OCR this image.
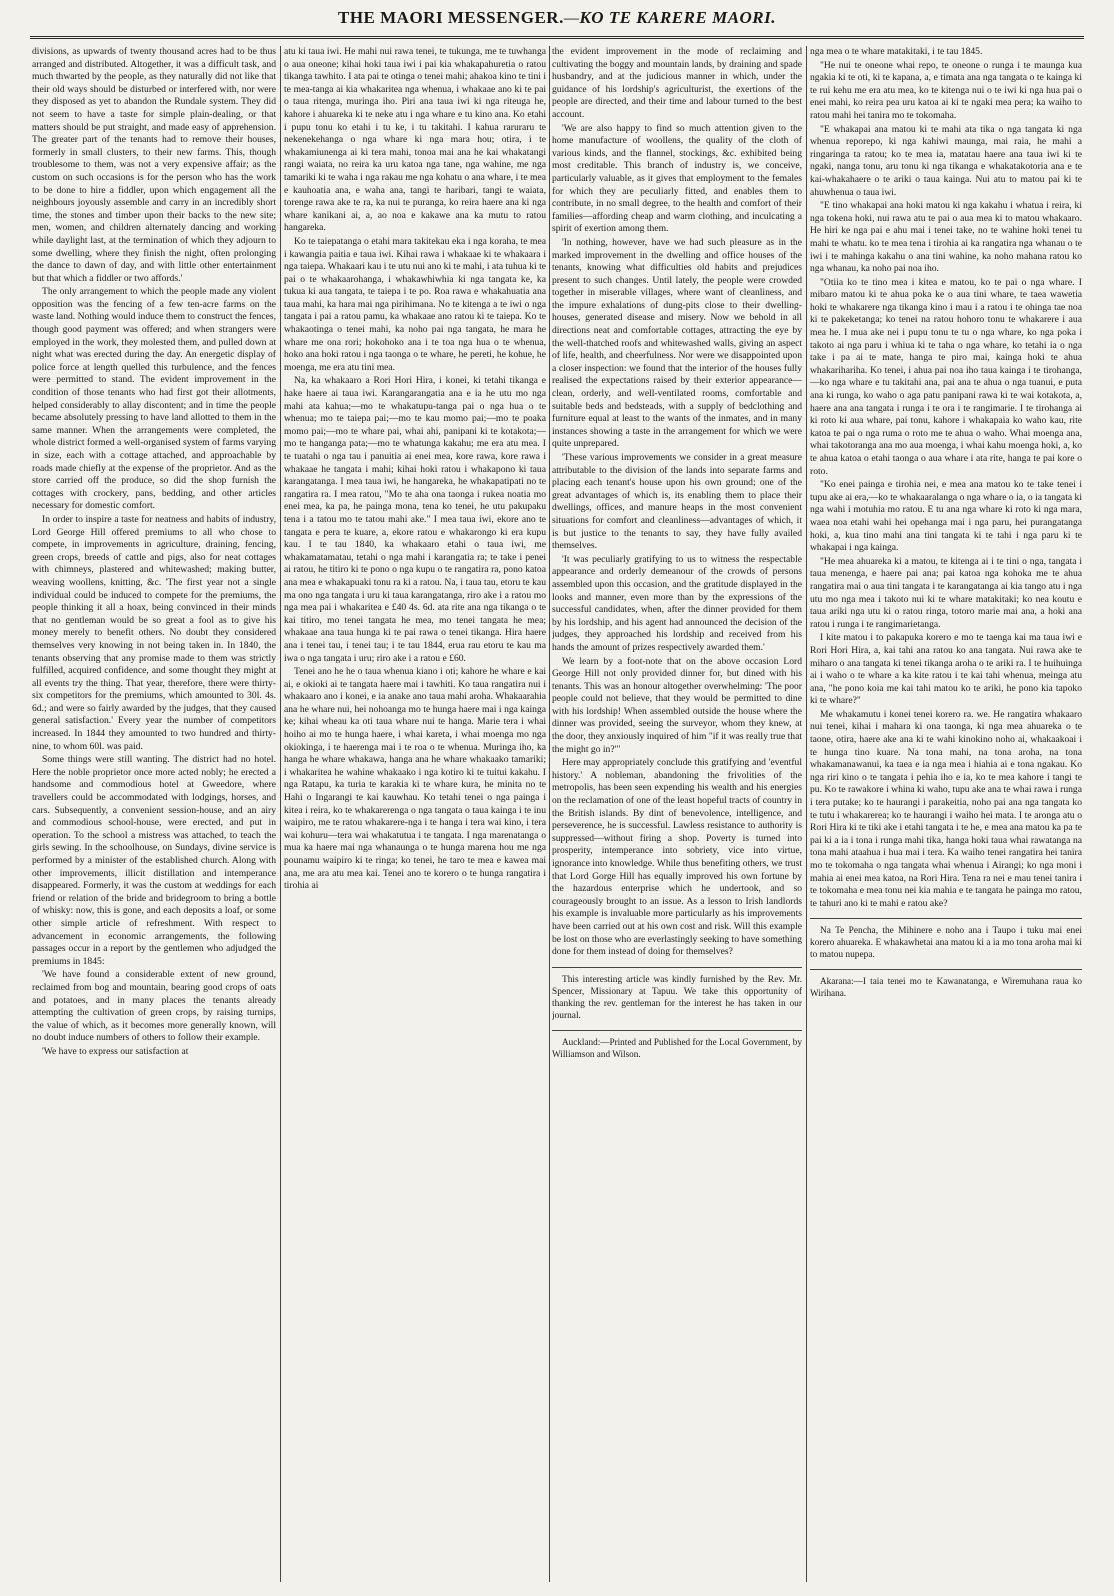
THE MAORI MESSENGER.—KO TE KARERE MAORI.

divisions, as upwards of twenty thousand acres had to be thus arranged and distributed. Altogether, it was a difficult task, and much thwarted by the people, as they naturally did not like that their old ways should be disturbed or interfered with, nor were they disposed as yet to abandon the Rundale system. They did not seem to have a taste for simple plain-dealing, or that matters should be put straight, and made easy of apprehension. The greater part of the tenants had to remove their houses, formerly in small clusters, to their new farms. This, though troublesome to them, was not a very expensive affair; as the custom on such occasions is for the person who has the work to be done to hire a fiddler, upon which engagement all the neighbours joyously assemble and carry in an incredibly short time, the stones and timber upon their backs to the new site; men, women, and children alternately dancing and working while daylight last, at the termination of which they adjourn to some dwelling, where they finish the night, often prolonging the dance to dawn of day, and with little other entertainment but that which a fiddler or two affords.'

The only arrangement to which the people made any violent opposition was the fencing of a few ten-acre farms on the waste land. Nothing would induce them to construct the fences, though good payment was offered; and when strangers were employed in the work, they molested them, and pulled down at night what was erected during the day. An energetic display of police force at length quelled this turbulence, and the fences were permitted to stand. The evident improvement in the condition of those tenants who had first got their allotments, helped considerably to allay discontent; and in time the people became absolutely pressing to have land allotted to them in the same manner. When the arrangements were completed, the whole district formed a well-organised system of farms varying in size, each with a cottage attached, and approachable by roads made chiefly at the expense of the proprietor. And as the store carried off the produce, so did the shop furnish the cottages with crockery, pans, bedding, and other articles necessary for domestic comfort.

In order to inspire a taste for neatness and habits of industry, Lord George Hill offered premiums to all who chose to compete, in improvements in agriculture, draining, fencing, green crops, breeds of cattle and pigs, also for neat cottages with chimneys, plastered and whitewashed; making butter, weaving woollens, knitting, &c. 'The first year not a single individual could be induced to compete for the premiums, the people thinking it all a hoax, being convinced in their minds that no gentleman would be so great a fool as to give his money merely to benefit others. No doubt they considered themselves very knowing in not being taken in. In 1840, the tenants observing that any promise made to them was strictly fulfilled, acquired confidence, and some thought they might at all events try the thing. That year, therefore, there were thirty-six competitors for the premiums, which amounted to 30l. 4s. 6d.; and were so fairly awarded by the judges, that they caused general satisfaction.' Every year the number of competitors increased. In 1844 they amounted to two hundred and thirty-nine, to whom 60l. was paid.

Some things were still wanting. The district had no hotel. Here the noble proprietor once more acted nobly; he erected a handsome and commodious hotel at Gweedore, where travellers could be accommodated with lodgings, horses, and cars. Subsequently, a convenient session-house, and an airy and commodious school-house, were erected, and put in operation. To the school a mistress was attached, to teach the girls sewing. In the schoolhouse, on Sundays, divine service is performed by a minister of the established church. Along with other improvements, illicit distillation and intemperance disappeared. Formerly, it was the custom at weddings for each friend or relation of the bride and bridegroom to bring a bottle of whisky: now, this is gone, and each deposits a loaf, or some other simple article of refreshment. With respect to advancement in economic arrangements, the following passages occur in a report by the gentlemen who adjudged the premiums in 1845:

'We have found a considerable extent of new ground, reclaimed from bog and mountain, bearing good crops of oats and potatoes, and in many places the tenants already attempting the cultivation of green crops, by raising turnips, the value of which, as it becomes more generally known, will no doubt induce numbers of others to follow their example.

'We have to express our satisfaction at

atu ki taua iwi. He mahi nui rawa tenei, te tukunga, me te tuwhanga o aua oneone; kihai hoki taua iwi i pai kia whakapahuretia o ratou tikanga tawhito. I ata pai te otinga o tenei mahi; ahakoa kino te tini i te mea-tanga ai kia whakaritea nga whenua, i whakaae ano ki te pai o taua ritenga, muringa iho. Piri ana taua iwi ki nga riteuga he, kahore i ahuareka ki te neke atu i nga whare e tu kino ana. Ko etahi i pupu tonu ko etahi i tu ke, i tu takitahi. I kahua raruraru te nekenekehanga o nga whare ki nga mara hou; otira, i te whakamiunenga ai ki tera mahi, tonoa mai ana he kai whakatangi rangi waiata, no reira ka uru katoa nga tane, nga wahine, me nga tamariki ki te waha i nga rakau me nga kohatu o ana whare, i te mea e kauhoatia ana, e waha ana, tangi te haribari, tangi te waiata, torenge rawa ake te ra, ka nui te puranga, ko reira haere ana ki nga whare kanikani ai, a, ao noa e kakawe ana ka mutu to ratou hangareka.

Ko te taiepatanga o etahi mara takitekau eka i nga koraha, te mea i kawangia paitia e taua iwi. Kihai rawa i whakaae ki te whakaara i nga taiepa. Whakaari kau i te utu nui ano ki te mahi, i ata tuhua ki te pai o te whakaarohanga, i whakawhiwhia ki nga tangata ke, ka tukua ki aua tangata, te taiepa i te po. Roa rawa e whakahuatia ana taua mahi, ka hara mai nga pirihimana. No te kitenga a te iwi o nga tangata i pai a ratou pamu, ka whakaae ano ratou ki te taiepa. Ko te whakaotinga o tenei mahi, ka noho pai nga tangata, he mara he whare me ona rori; hokohoko ana i te toa nga hua o te whenua, hoko ana hoki ratou i nga taonga o te whare, he pereti, he kohue, he moenga, me era atu tini mea.

Na, ka whakaaro a Rori Hori Hira, i konei, ki tetahi tikanga e hake haere ai taua iwi. Karangarangatia ana e ia he utu mo nga mahi ata kahua;—mo te whakatupu-tanga pai o nga hua o te whenua; mo te taiepa pai;—mo te kau momo pai;—mo te poaka momo pai;—mo te whare pai, whai ahi, panipani ki te kotakota;—mo te hanganga pata;—mo te whatunga kakahu; me era atu mea. I te tuatahi o nga tau i panuitia ai enei mea, kore rawa, kore rawa i whakaae he tangata i mahi; kihai hoki ratou i whakapono ki taua karangatanga. I mea taua iwi, he hangareka, he whakapatipati no te rangatira ra. I mea ratou, "Mo te aha ona taonga i rukea noatia mo enei mea, ka pa, he painga mona, tena ko tenei, he utu pakupaku tena i a tatou mo te tatou mahi ake." I mea taua iwi, ekore ano te tangata e pera te kuare, a, ekore ratou e whakarongo ki era kupu kau. I te tau 1840, ka whakaaro etahi o taua iwi, me whakamatamatau, tetahi o nga mahi i karangatia ra; te take i penei ai ratou, he titiro ki te pono o nga kupu o te rangatira ra, pono katoa ana mea e whakapuaki tonu ra ki a ratou. Na, i taua tau, etoru te kau ma ono nga tangata i uru ki taua karangatanga, riro ake i a ratou mo nga mea pai i whakaritea e £40 4s. 6d. ata rite ana nga tikanga o te kai titiro, mo tenei tangata he mea, mo tenei tangata he mea; whakaae ana taua hunga ki te pai rawa o tenei tikanga. Hira haere ana i tenei tau, i tenei tau; i te tau 1844, erua rau etoru te kau ma iwa o nga tangata i uru; riro ake i a ratou e £60.

Tenei ano he he o taua whenua kiano i oti; kahore he whare e kai ai, e okioki ai te tangata haere mai i tawhiti. Ko taua rangatira nui i whakaaro ano i konei, e ia anake ano taua mahi aroha. Whakaarahia ana he whare nui, hei nohoanga mo te hunga haere mai i nga kainga ke; kihai wheau ka oti taua whare nui te hanga. Marie tera i whai hoiho ai mo te hunga haere, i whai kareta, i whai moenga mo nga okiokinga, i te haerenga mai i te roa o te whenua. Muringa iho, ka hanga he whare whakawa, hanga ana he whare whakaako tamariki; i whakaritea he wahine whakaako i nga kotiro ki te tuitui kakahu. I nga Ratapu, ka turia te karakia ki te whare kura, he minita no te Hahi o Ingarangi te kai kauwhau. Ko tetahi tenei o nga painga i kitea i reira, ko te whakarerenga o nga tangata o taua kainga i te inu waipiro, me te ratou whakarere-nga i te hanga i tera wai kino, i tera wai kohuru—tera wai whakatutua i te tangata. I nga marenatanga o mua ka haere mai nga whanaunga o te hunga marena hou me nga pounamu waipiro ki te ringa; ko tenei, he taro te mea e kawea mai ana, me ara atu mea kai. Tenei ano te korero o te hunga rangatira i tirohia ai

the evident improvement in the mode of reclaiming and cultivating the boggy and mountain lands, by draining and spade husbandry, and at the judicious manner in which, under the guidance of his lordship's agriculturist, the exertions of the people are directed, and their time and labour turned to the best account.

'We are also happy to find so much attention given to the home manufacture of woollens, the quality of the cloth of various kinds, and the flannel, stockings, &c. exhibited being most creditable. This branch of industry is, we conceive, particularly valuable, as it gives that employment to the females for which they are peculiarly fitted, and enables them to contribute, in no small degree, to the health and comfort of their families—affording cheap and warm clothing, and inculcating a spirit of exertion among them.

'In nothing, however, have we had such pleasure as in the marked improvement in the dwelling and office houses of the tenants, knowing what difficulties old habits and prejudices present to such changes. Until lately, the people were crowded together in miserable villages, where want of cleanliness, and the impure exhalations of dung-pits close to their dwelling-houses, generated disease and misery. Now we behold in all directions neat and comfortable cottages, attracting the eye by the well-thatched roofs and whitewashed walls, giving an aspect of life, health, and cheerfulness. Nor were we disappointed upon a closer inspection: we found that the interior of the houses fully realised the expectations raised by their exterior appearance—clean, orderly, and well-ventilated rooms, comfortable and suitable beds and bedsteads, with a supply of bedclothing and furniture equal at least to the wants of the inmates, and in many instances showing a taste in the arrangement for which we were quite unprepared.

'These various improvements we consider in a great measure attributable to the division of the lands into separate farms and placing each tenant's house upon his own ground; one of the great advantages of which is, its enabling them to place their dwellings, offices, and manure heaps in the most convenient situations for comfort and cleanliness—advantages of which, it is but justice to the tenants to say, they have fully availed themselves.

'It was peculiarly gratifying to us to witness the respectable appearance and orderly demeanour of the crowds of persons assembled upon this occasion, and the gratitude displayed in the looks and manner, even more than by the expressions of the successful candidates, when, after the dinner provided for them by his lordship, and his agent had announced the decision of the judges, they approached his lordship and received from his hands the amount of prizes respectively awarded them.'

We learn by a foot-note that on the above occasion Lord George Hill not only provided dinner for, but dined with his tenants. This was an honour altogether overwhelming: 'The poor people could not believe, that they would be permitted to dine with his lordship! When assembled outside the house where the dinner was provided, seeing the surveyor, whom they knew, at the door, they anxiously inquired of him "if it was really true that the might go in?"'

Here may appropriately conclude this gratifying and 'eventful history.' A nobleman, abandoning the frivolities of the metropolis, has been seen expending his wealth and his energies on the reclamation of one of the least hopeful tracts of country in the British islands. By dint of benevolence, intelligence, and perseverence, he is successful. Lawless resistance to authority is suppressed—without firing a shop. Poverty is turned into prosperity, intemperance into sobriety, vice into virtue, ignorance into knowledge. While thus benefiting others, we trust that Lord Gorge Hill has equally improved his own fortune by the hazardous enterprise which he undertook, and so courageously brought to an issue. As a lesson to Irish landlords his example is invaluable more particularly as his improvements have been carried out at his own cost and risk. Will this example be lost on those who are everlastingly seeking to have something done for them instead of doing for themselves?

This interesting article was kindly furnished by the Rev. Mr. Spencer, Missionary at Tapuu. We take this opportunity of thanking the rev. gentleman for the interest he has taken in our journal.

Auckland:—Printed and Published for the Local Government, by Williamson and Wilson.

nga mea o te whare matakitaki, i te tau 1845.

"He nui te oneone whai repo, te oneone o runga i te maunga kua ngakia ki te oti, ki te kapana, a, e timata ana nga tangata o te kainga ki te rui kehu me era atu mea, ko te kitenga nui o te iwi ki nga hua pai o enei mahi, ko reira pea uru katoa ai ki te ngaki mea pera; ka waiho to ratou mahi hei tanira mo te tokomaha.

"E whakapai ana matou ki te mahi ata tika o nga tangata ki nga whenua reporepo, ki nga kahiwi maunga, mai raia, he mahi a ringaringa ta ratou; ko te mea ia, matatau haere ana taua iwi ki te ngaki, nanga tonu, aru tonu ki nga tikanga e whakatakotoria ana e te kai-whakahaere o te ariki o taua kainga. Nui atu to matou pai ki te ahuwhenua o taua iwi.

"E tino whakapai ana hoki matou ki nga kakahu i whatua i reira, ki nga tokena hoki, nui rawa atu te pai o aua mea ki to matou whakaaro. He hiri ke nga pai e ahu mai i tenei take, no te wahine hoki tenei tu mahi te whatu. ko te mea tena i tirohia ai ka rangatira nga whanau o te iwi i te mahinga kakahu o ana tini wahine, ka noho mahana ratou ko nga whanau, ka noho pai noa iho.

"Otiia ko te tino mea i kitea e matou, ko te pai o nga whare. I mibaro matou ki te ahua poka ke o aua tini whare, te taea wawetia hoki te whakarere nga tikanga kino i mau i a ratou i te ohinga tae noa ki te pakeketanga; ko tenei na ratou hohoro tonu te whakarere i aua mea he. I mua ake nei i pupu tonu te tu o nga whare, ko nga poka i takoto ai nga paru i whiua ki te taha o nga whare, ko tetahi ia o nga take i pa ai te mate, hanga te piro mai, kainga hoki te ahua whakarihariha. Ko tenei, i ahua pai noa iho taua kainga i te tirohanga,—ko nga whare e tu takitahi ana, pai ana te ahua o nga tuanui, e puta ana ki runga, ko waho o aga patu panipani rawa ki te wai kotakota, a, haere ana ana tangata i runga i te ora i te rangimarie. I te tirohanga ai ki roto ki aua whare, pai tonu, kahore i whakapaia ko waho kau, rite katoa te pai o nga ruma o roto me te ahua o waho. Whai moenga ana, whai takotoranga ana mo aua moenga, i whai kahu moenga hoki, a, ko te ahua katoa o etahi taonga o aua whare i ata rite, hanga te pai kore o roto.

"Ko enei painga e tirohia nei, e mea ana matou ko te take tenei i tupu ake ai era,—ko te whakaaralanga o nga whare o ia, o ia tangata ki nga wahi i motuhia mo ratou. E tu ana nga whare ki roto ki nga mara, waea noa etahi wahi hei opehanga mai i nga paru, hei purangatanga hoki, a, kua tino mahi ana tini tangata ki te tahi i nga paru ki te whakapai i nga kainga.

"He mea ahuareka ki a matou, te kitenga ai i te tini o nga, tangata i taua menenga, e haere pai ana; pai katoa nga kohoka me te ahua rangatira mai o aua tini tangata i te karangatanga ai kia tango atu i nga utu mo nga mea i takoto nui ki te whare matakitaki; ko nea koutu e taua ariki nga utu ki o ratou ringa, totoro marie mai ana, a hoki ana ratou i runga i te rangimarietanga.

I kite matou i to pakapuka korero e mo te taenga kai ma taua iwi e Rori Hori Hira, a, kai tahi ana ratou ko ana tangata. Nui rawa ake te miharo o ana tangata ki tenei tikanga aroha o te ariki ra. I te huihuinga ai i waho o te whare a ka kite ratou i te kai tahi whenua, meinga atu ana, "he pono koia me kai tahi matou ko te ariki, he pono kia tapoko ki te whare?"

Me whakamutu i konei tenei korero ra. we. He rangatira whakaaro nui tenei, kihai i mahara ki ona taonga, ki nga mea ahuareka o te taone, otira, haere ake ana ki te wahi kinokino noho ai, whakaakoai i te hunga tino kuare. Na tona mahi, na tona aroha, na tona whakamanawanui, ka taea e ia nga mea i hiahia ai e tona ngakau. Ko nga riri kino o te tangata i pehia iho e ia, ko te mea kahore i tangi te pu. Ko te rawakore i whina ki waho, tupu ake ana te whai rawa i runga i tera putake; ko te haurangi i parakeitia, noho pai ana nga tangata ko te tutu i whakarerea; ko te haurangi i waiho hei mata. I te aronga atu o Rori Hira ki te tiki ake i etahi tangata i te he, e mea ana matou ka pa te pai ki a ia i tona i runga mahi tika, hanga hoki taua whai rawatanga na tona mahi ataahua i hua mai i tera. Ka waiho tenei rangatira hei tanira mo te tokomaha o nga tangata whai whenua i Airangi; ko nga moni i mahia ai enei mea katoa, na Rori Hira. Tena ra nei e mau tenei tanira i te tokomaha e mea tonu nei kia mahia e te tangata he painga mo ratou, te tahuri ano ki te mahi e ratou ake?

Na Te Pencha, the Mihinere e noho ana i Taupo i tuku mai enei korero ahuareka. E whakawhetai ana matou ki a ia mo tona aroha mai ki to matou nupepa.

Akarana:—I taia tenei mo te Kawanatanga, e Wiremuhana raua ko Wirihana.
